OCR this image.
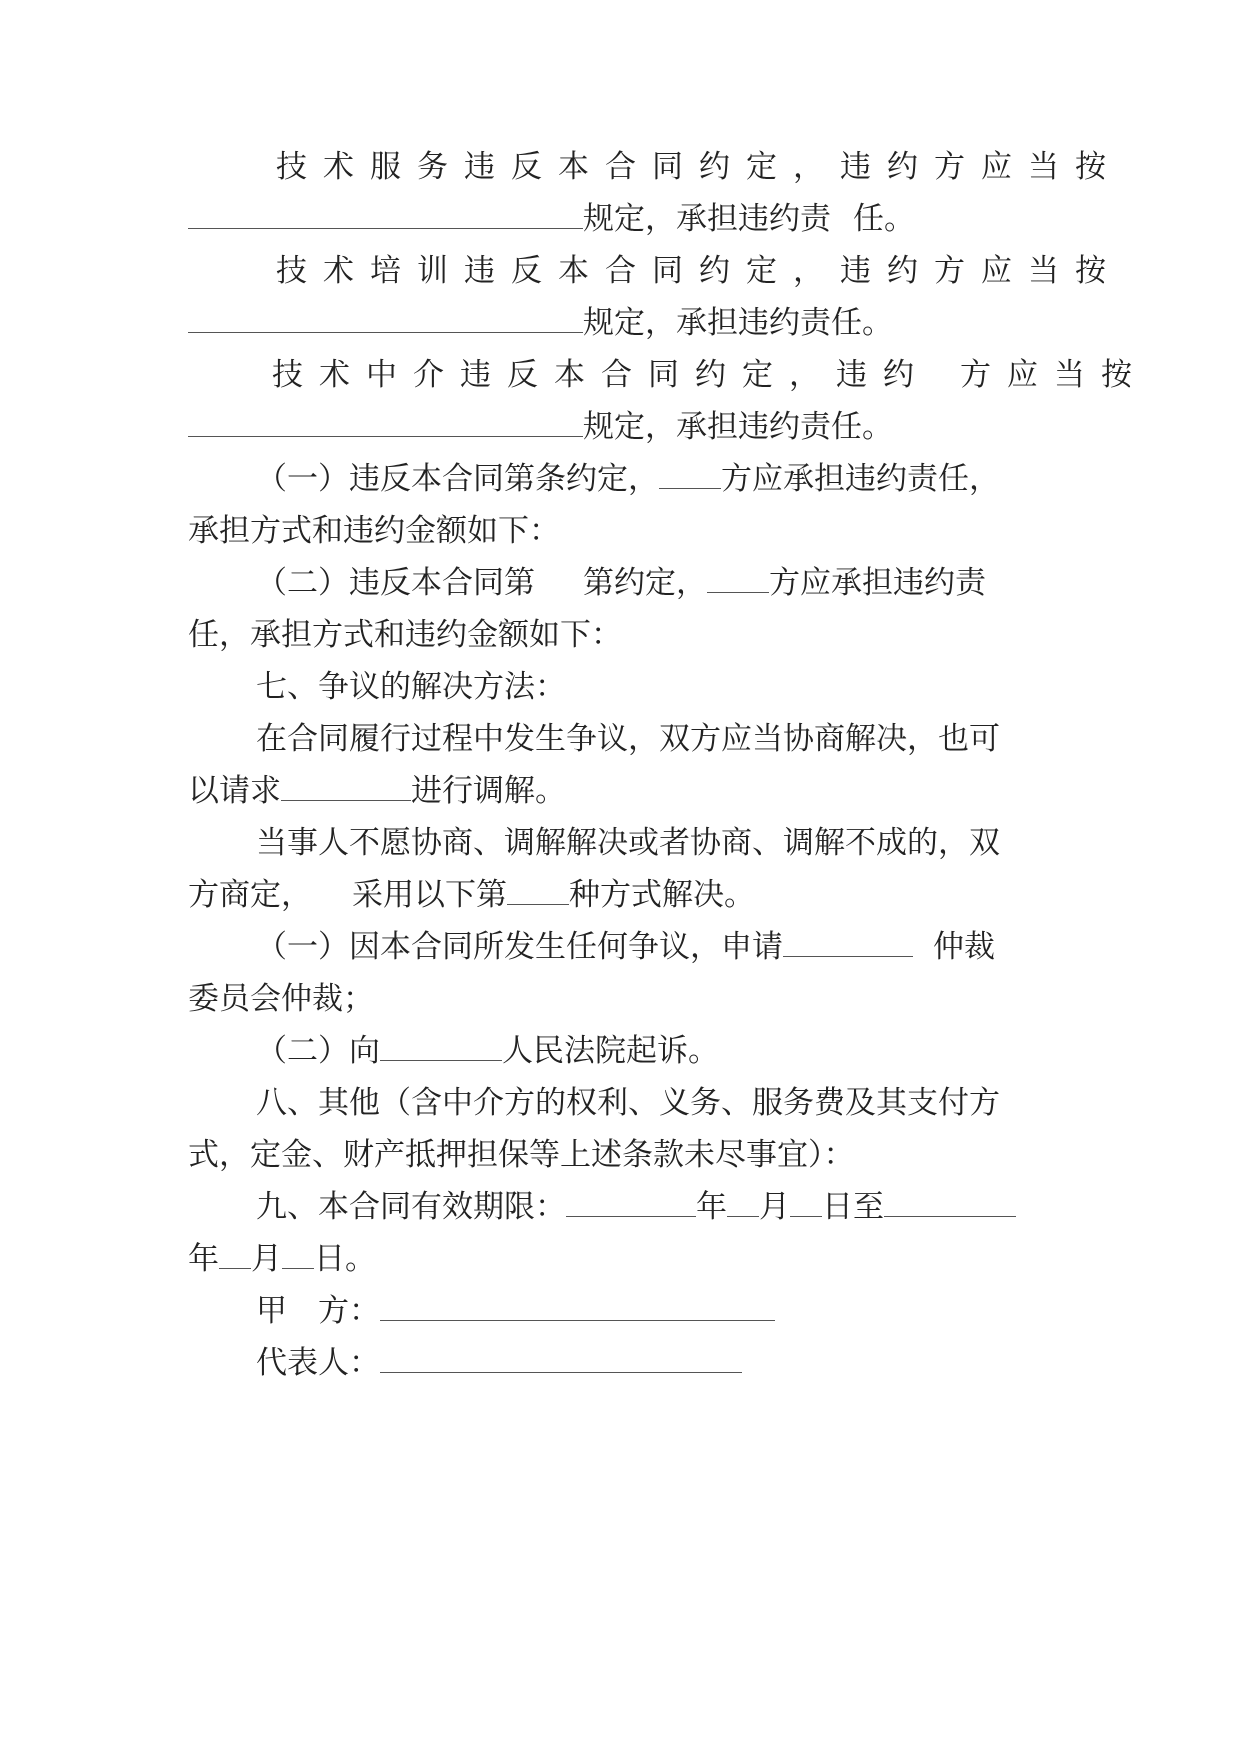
技术服务违反本合同约定，违约方应当按
规定，承担违约责 任。
技术培训违反本合同约定，违约方应当按
规定，承担违约责任。
技术中介违反本合同约定，违约 方应当按
规定，承担违约责任。
（一）违反本合同第条约定， 方应承担违约责任，
承担方式和违约金额如下：
（二）违反本合同第 第约定， 方应承担违约责
任，承担方式和违约金额如下：
七、争议的解决方法：
在合同履行过程中发生争议，双方应当协商解决，也可
以请求	进行调解。
当事人不愿协商、调解解决或者协商、调解不成的，双
方商定， 采用以下第 种方式解决。
（一）因本合同所发生任何争议，申请	仲裁
委员会仲裁；
（二）向	人民法院起诉。
八、其他（含中介方的权利、义务、服务费及其支付方
式，定金、财产抵押担保等上述条款未尽事宜）：
九、本合同有效期限：	年 月 日至
年 月 日。
甲　方：
代表人：
